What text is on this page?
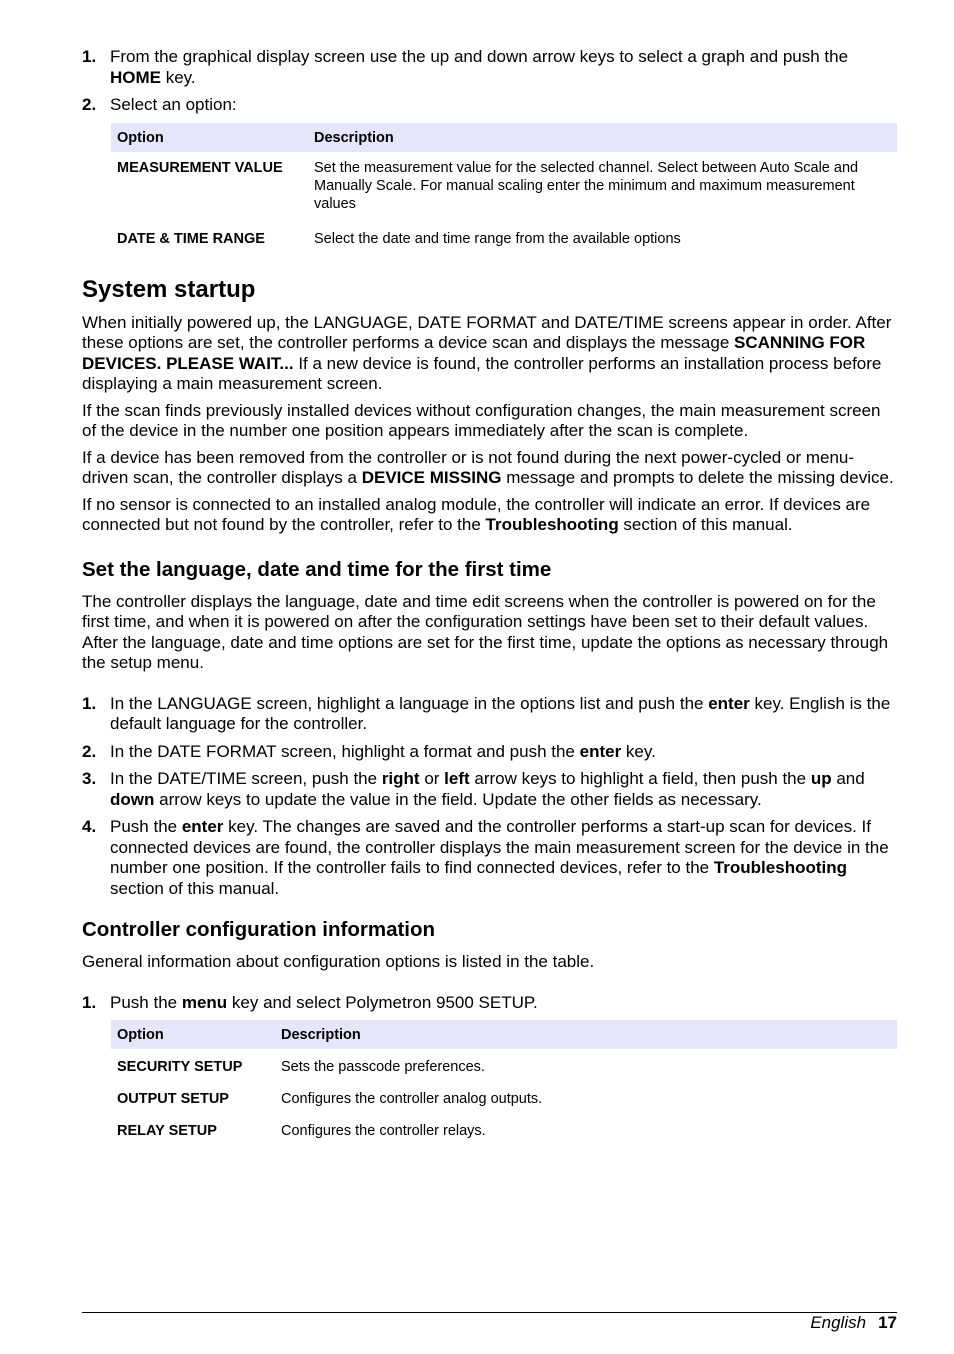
1. From the graphical display screen use the up and down arrow keys to select a graph and push the HOME key.
2. Select an option:
Option	Description
MEASUREMENT VALUE	Set the measurement value for the selected channel. Select between Auto Scale and Manually Scale. For manual scaling enter the minimum and maximum measurement values
DATE & TIME RANGE	Select the date and time range from the available options
System startup

When initially powered up, the LANGUAGE, DATE FORMAT and DATE/TIME screens appear in order. After these options are set, the controller performs a device scan and displays the message SCANNING FOR DEVICES. PLEASE WAIT... If a new device is found, the controller performs an installation process before displaying a main measurement screen.

If the scan finds previously installed devices without configuration changes, the main measurement screen of the device in the number one position appears immediately after the scan is complete.

If a device has been removed from the controller or is not found during the next power-cycled or menu-driven scan, the controller displays a DEVICE MISSING message and prompts to delete the missing device.

If no sensor is connected to an installed analog module, the controller will indicate an error. If devices are connected but not found by the controller, refer to the Troubleshooting section of this manual.

Set the language, date and time for the first time

The controller displays the language, date and time edit screens when the controller is powered on for the first time, and when it is powered on after the configuration settings have been set to their default values.
After the language, date and time options are set for the first time, update the options as necessary through the setup menu.

1. In the LANGUAGE screen, highlight a language in the options list and push the enter key. English is the default language for the controller.
2. In the DATE FORMAT screen, highlight a format and push the enter key.
3. In the DATE/TIME screen, push the right or left arrow keys to highlight a field, then push the up and down arrow keys to update the value in the field. Update the other fields as necessary.
4. Push the enter key. The changes are saved and the controller performs a start-up scan for devices. If connected devices are found, the controller displays the main measurement screen for the device in the number one position. If the controller fails to find connected devices, refer to the Troubleshooting section of this manual.
Controller configuration information

General information about configuration options is listed in the table.

1. Push the menu key and select Polymetron 9500 SETUP.
Option	Description
SECURITY SETUP	Sets the passcode preferences.
OUTPUT SETUP	Configures the controller analog outputs.
RELAY SETUP	Configures the controller relays.
English 17
